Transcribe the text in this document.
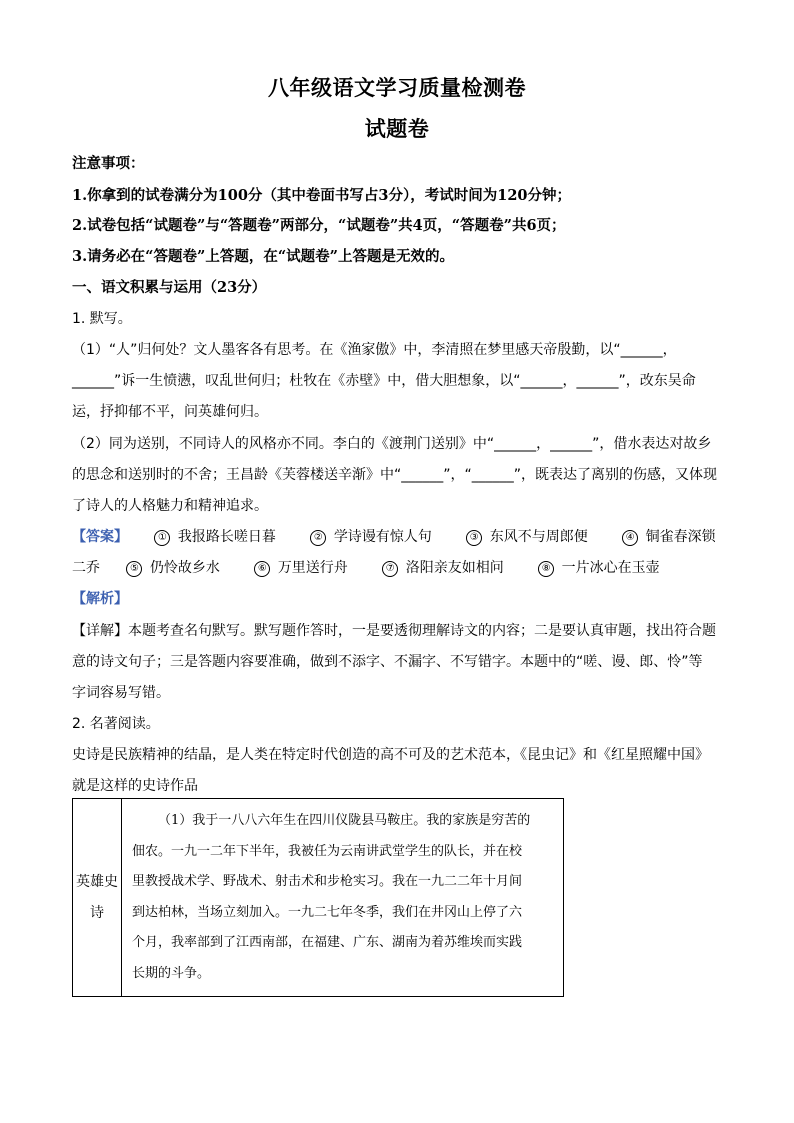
八年级语文学习质量检测卷
试题卷
注意事项：
1.你拿到的试卷满分为100分（其中卷面书写占3分），考试时间为120分钟；
2.试卷包括“试题卷”与“答题卷”两部分，“试题卷”共4页，“答题卷”共6页；
3.请务必在“答题卷”上答题，在“试题卷”上答题是无效的。
一、语文积累与运用（23分）
1. 默写。
（1）“人”归何处？文人墨客各有思考。在《渔家傲》中，李清照在梦里感天帝殷勤，以“______，
______”诉一生愤懑，叹乱世何归；杜牧在《赤壁》中，借大胆想象，以“______，______”，改东吴命
运，抒抑郁不平，问英雄何归。
（2）同为送别，不同诗人的风格亦不同。李白的《渡荆门送别》中“______，______”，借水表达对故乡
的思念和送别时的不舍；王昌龄《芙蓉楼送辛渐》中“______”，“______”，既表达了离别的伤感，又体现
了诗人的人格魅力和精神追求。
【答案】	① 我报路长嗟日暮	② 学诗谩有惊人句	③ 东风不与周郎便	④ 铜雀春深锁
二乔	⑤ 仍怜故乡水	⑥ 万里送行舟	⑦ 洛阳亲友如相问	⑧ 一片冰心在玉壶
【解析】
【详解】本题考查名句默写。默写题作答时，一是要透彻理解诗文的内容；二是要认真审题，找出符合题
意的诗文句子；三是答题内容要准确，做到不添字、不漏字、不写错字。本题中的“嗟、谩、郎、怜”等
字词容易写错。
2. 名著阅读。
史诗是民族精神的结晶，是人类在特定时代创造的高不可及的艺术范本，《昆虫记》和《红星照耀中国》
就是这样的史诗作品
英雄史诗	
（1）我于一八八六年生在四川仪陇县马鞍庄。我的家族是穷苦的
佃农。一九一二年下半年，我被任为云南讲武堂学生的队长，并在校
里教授战术学、野战术、射击术和步枪实习。我在一九二二年十月间
到达柏林，当场立刻加入。一九二七年冬季，我们在井冈山上停了六
个月，我率部到了江西南部，在福建、广东、湖南为着苏维埃而实践
长期的斗争。
